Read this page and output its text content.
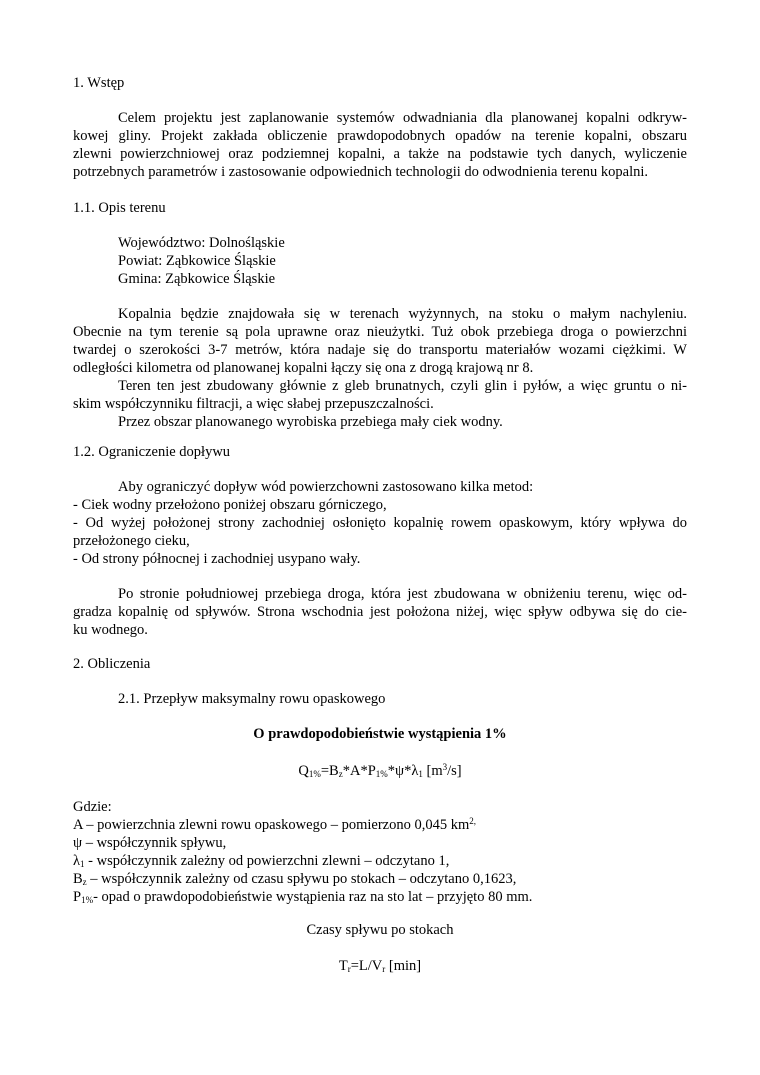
1. Wstęp
Celem projektu jest zaplanowanie systemów odwadniania dla planowanej kopalni odkryw-
kowej gliny. Projekt zakłada obliczenie prawdopodobnych opadów na terenie kopalni, obszaru
zlewni powierzchniowej oraz podziemnej kopalni, a także na podstawie tych danych, wyliczenie
potrzebnych parametrów i zastosowanie odpowiednich technologii do odwodnienia terenu kopalni.
1.1. Opis terenu
Województwo: Dolnośląskie
Powiat: Ząbkowice Śląskie
Gmina: Ząbkowice Śląskie
Kopalnia będzie znajdowała się w terenach wyżynnych, na stoku o małym nachyleniu.
Obecnie na tym terenie są pola uprawne oraz nieużytki. Tuż obok przebiega droga o powierzchni
twardej o szerokości 3-7 metrów, która nadaje się do transportu materiałów wozami ciężkimi. W
odległości kilometra od planowanej kopalni łączy się ona z drogą krajową nr 8.
Teren ten jest zbudowany głównie z gleb brunatnych, czyli glin i pyłów, a więc gruntu o ni-
skim współczynniku filtracji, a więc słabej przepuszczalności.
Przez obszar planowanego wyrobiska przebiega mały ciek wodny.
1.2. Ograniczenie dopływu
Aby ograniczyć dopływ wód powierzchowni zastosowano kilka metod:
- Ciek wodny przełożono poniżej obszaru górniczego,
- Od wyżej położonej strony zachodniej osłonięto kopalnię rowem opaskowym, który wpływa do
przełożonego cieku,
- Od strony północnej i zachodniej usypano wały.
Po stronie południowej przebiega droga, która jest zbudowana w obniżeniu terenu, więc od-
gradza kopalnię od spływów. Strona wschodnia jest położona niżej, więc spływ odbywa się do cie-
ku wodnego.
2. Obliczenia
2.1. Przepływ maksymalny rowu opaskowego
O prawdopodobieństwie wystąpienia 1%
$Q_{1\%}=B_z*A*P_{1\%}*\psi*\lambda_1$ $[m^3/s]$
Gdzie:
A – powierzchnia zlewni rowu opaskowego – pomierzono 0,045 $km^{2,}$
ψ – współczynnik spływu,
$\lambda_1$ - współczynnik zależny od powierzchni zlewni – odczytano 1,
$B_z$ – współczynnik zależny od czasu spływu po stokach – odczytano 0,1623,
$P_{1\%}-$ opad o prawdopodobieństwie wystąpienia raz na sto lat – przyjęto 80 mm.
Czasy spływu po stokach
$T_r=L/V_r$ [min]
